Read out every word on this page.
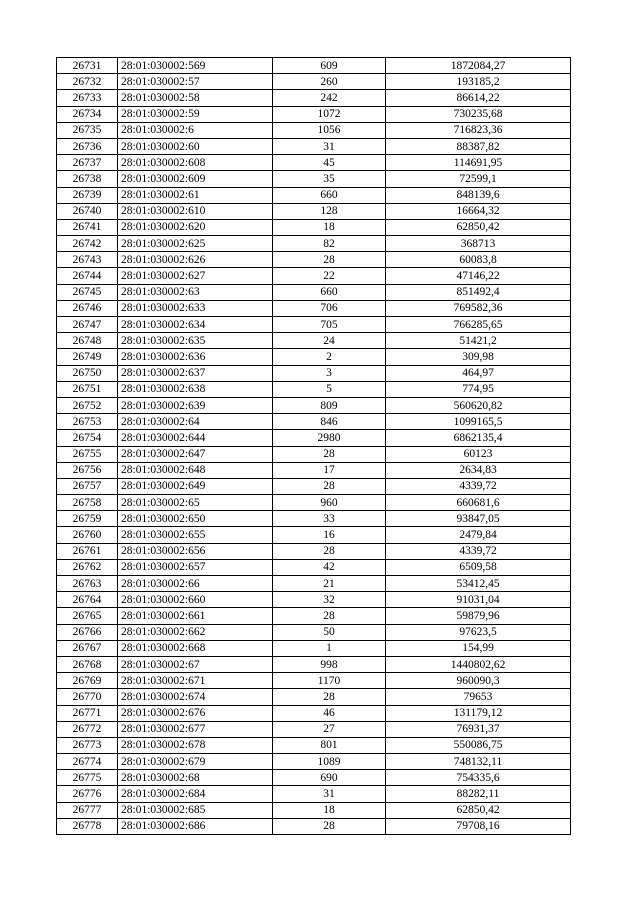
26731	28:01:030002:569	609	1872084,27
26732	28:01:030002:57	260	193185,2
26733	28:01:030002:58	242	86614,22
26734	28:01:030002:59	1072	730235,68
26735	28:01:030002:6	1056	716823,36
26736	28:01:030002:60	31	88387,82
26737	28:01:030002:608	45	114691,95
26738	28:01:030002:609	35	72599,1
26739	28:01:030002:61	660	848139,6
26740	28:01:030002:610	128	16664,32
26741	28:01:030002:620	18	62850,42
26742	28:01:030002:625	82	368713
26743	28:01:030002:626	28	60083,8
26744	28:01:030002:627	22	47146,22
26745	28:01:030002:63	660	851492,4
26746	28:01:030002:633	706	769582,36
26747	28:01:030002:634	705	766285,65
26748	28:01:030002:635	24	51421,2
26749	28:01:030002:636	2	309,98
26750	28:01:030002:637	3	464,97
26751	28:01:030002:638	5	774,95
26752	28:01:030002:639	809	560620,82
26753	28:01:030002:64	846	1099165,5
26754	28:01:030002:644	2980	6862135,4
26755	28:01:030002:647	28	60123
26756	28:01:030002:648	17	2634,83
26757	28:01:030002:649	28	4339,72
26758	28:01:030002:65	960	660681,6
26759	28:01:030002:650	33	93847,05
26760	28:01:030002:655	16	2479,84
26761	28:01:030002:656	28	4339,72
26762	28:01:030002:657	42	6509,58
26763	28:01:030002:66	21	53412,45
26764	28:01:030002:660	32	91031,04
26765	28:01:030002:661	28	59879,96
26766	28:01:030002:662	50	97623,5
26767	28:01:030002:668	1	154,99
26768	28:01:030002:67	998	1440802,62
26769	28:01:030002:671	1170	960090,3
26770	28:01:030002:674	28	79653
26771	28:01:030002:676	46	131179,12
26772	28:01:030002:677	27	76931,37
26773	28:01:030002:678	801	550086,75
26774	28:01:030002:679	1089	748132,11
26775	28:01:030002:68	690	754335,6
26776	28:01:030002:684	31	88282,11
26777	28:01:030002:685	18	62850,42
26778	28:01:030002:686	28	79708,16
